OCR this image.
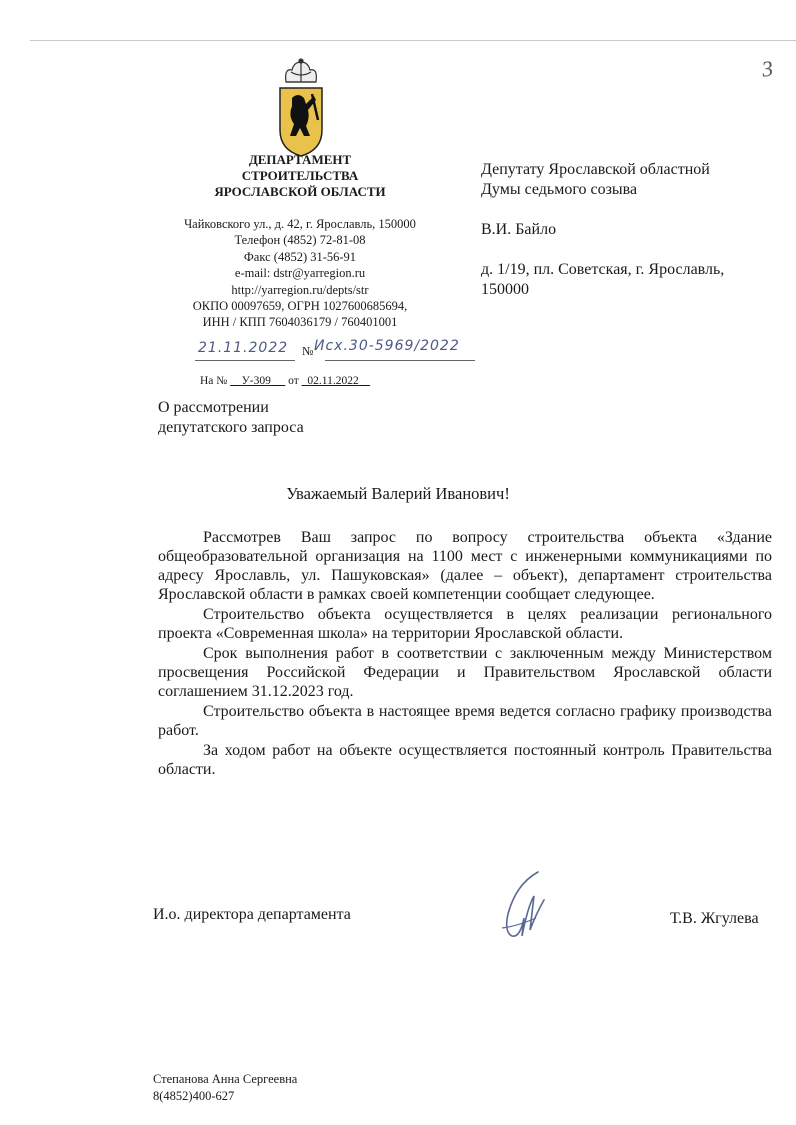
3
ДЕПАРТАМЕНТ
СТРОИТЕЛЬСТВА
ЯРОСЛАВСКОЙ ОБЛАСТИ
Чайковского ул., д. 42, г. Ярославль, 150000
Телефон (4852) 72-81-08
Факс (4852) 31-56-91
e-mail: dstr@yarregion.ru
http://yarregion.ru/depts/str
ОКПО 00097659, ОГРН 1027600685694,
ИНН / КПП 7604036179 / 760401001
21.11.2022 № Исх.30-5969/2022
На № У-309 от 02.11.2022
О рассмотрении
депутатского запроса
Депутату Ярославской областной
Думы седьмого созыва
В.И. Байло
д. 1/19, пл. Советская, г. Ярославль,
150000
Уважаемый Валерий Иванович!

Рассмотрев Ваш запрос по вопросу строительства объекта «Здание общеобразовательной организация на 1100 мест с инженерными коммуникациями по адресу Ярославль, ул. Пашуковская» (далее – объект), департамент строительства Ярославской области в рамках своей компетенции сообщает следующее.

Строительство объекта осуществляется в целях реализации регионального проекта «Современная школа» на территории Ярославской области.

Срок выполнения работ в соответствии с заключенным между Министерством просвещения Российской Федерации и Правительством Ярославской области соглашением 31.12.2023 год.

Строительство объекта в настоящее время ведется согласно графику производства работ.

За ходом работ на объекте осуществляется постоянный контроль Правительства области.

И.о. директора департамента	Т.В. Жгулева
Степанова Анна Сергеевна
8(4852)400-627
